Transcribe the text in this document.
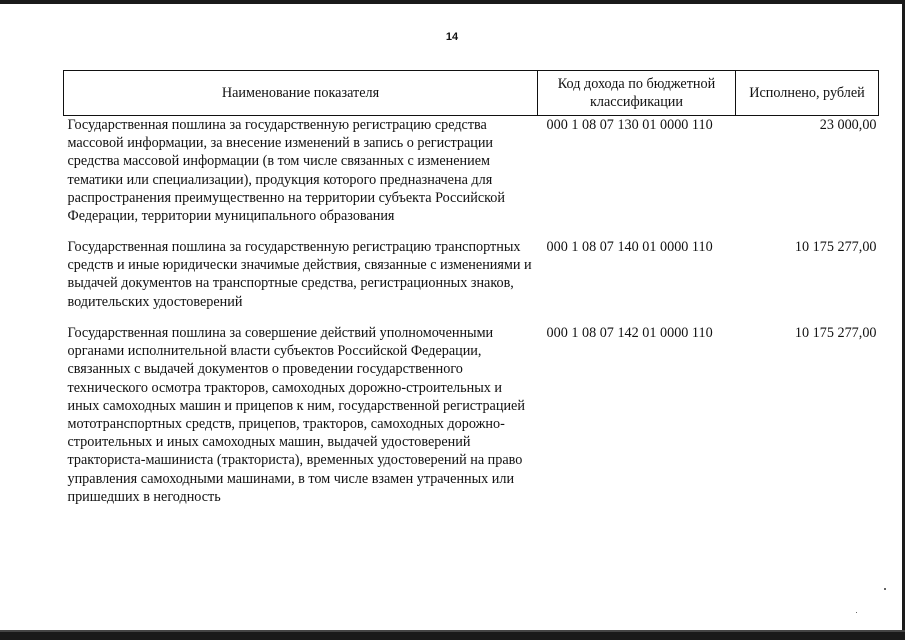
14
Наименование показателя	Код дохода по бюджетной классификации	Исполнено, рублей
Государственная пошлина за государственную регистрацию средства массовой информации, за внесение изменений в запись о регистрации средства массовой информации (в том числе связанных с изменением тематики или специализации), продукция которого предназначена для распространения преимущественно на территории субъекта Российской Федерации, территории муниципального образования	000 1 08 07 130 01 0000 110	23 000,00
Государственная пошлина за государственную регистрацию транспортных средств и иные юридически значимые действия, связанные с изменениями и выдачей документов на транспортные средства, регистрационных знаков, водительских удостоверений	000 1 08 07 140 01 0000 110	10 175 277,00
Государственная пошлина за совершение действий уполномоченными органами исполнительной власти субъектов Российской Федерации, связанных с выдачей документов о проведении государственного технического осмотра тракторов, самоходных дорожно-строительных и иных самоходных машин и прицепов к ним, государственной регистрацией мототранспортных средств, прицепов, тракторов, самоходных дорожно-строительных и иных самоходных машин, выдачей удостоверений тракториста-машиниста (тракториста), временных удостоверений на право управления самоходными машинами, в том числе взамен утраченных или пришедших в негодность	000 1 08 07 142 01 0000 110	10 175 277,00
